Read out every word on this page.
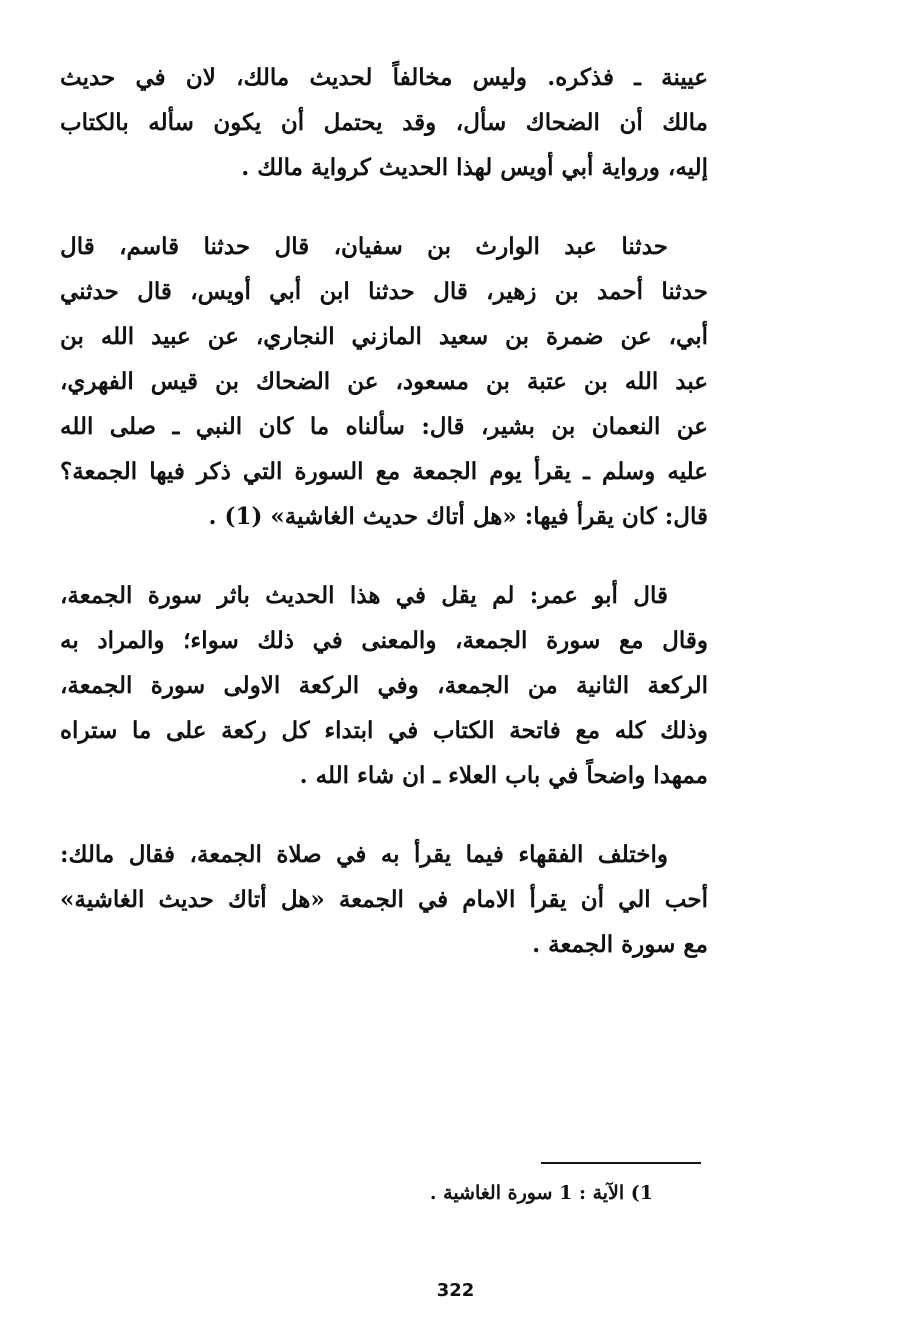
عيينة ـ فذكره. وليس مخالفاً لحديث مالك، لان في حديث
مالك أن الضحاك سأل، وقد يحتمل أن يكون سأله بالكتاب
إليه، ورواية أبي أويس لهذا الحديث كرواية مالك .

حدثنا عبد الوارث بن سفيان، قال حدثنا قاسم، قال
حدثنا أحمد بن زهير، قال حدثنا ابن أبي أويس، قال حدثني
أبي، عن ضمرة بن سعيد المازني النجاري، عن عبيد الله بن
عبد الله بن عتبة بن مسعود، عن الضحاك بن قيس الفهري،
عن النعمان بن بشير، قال: سألناه ما كان النبي ـ صلى الله
عليه وسلم ـ يقرأ يوم الجمعة مع السورة التي ذكر فيها الجمعة؟
قال: كان يقرأ فيها: «هل أتاك حديث الغاشية» (1) .

قال أبو عمر: لم يقل في هذا الحديث باثر سورة الجمعة،
وقال مع سورة الجمعة، والمعنى في ذلك سواء؛ والمراد به
الركعة الثانية من الجمعة، وفي الركعة الاولى سورة الجمعة،
وذلك كله مع فاتحة الكتاب في ابتداء كل ركعة على ما ستراه
ممهدا واضحاً في باب العلاء ـ ان شاء الله .

واختلف الفقهاء فيما يقرأ به في صلاة الجمعة، فقال مالك:
أحب الي أن يقرأ الامام في الجمعة «هل أتاك حديث الغاشية»
مع سورة الجمعة .

1) الآية : 1 سورة الغاشية .
322
